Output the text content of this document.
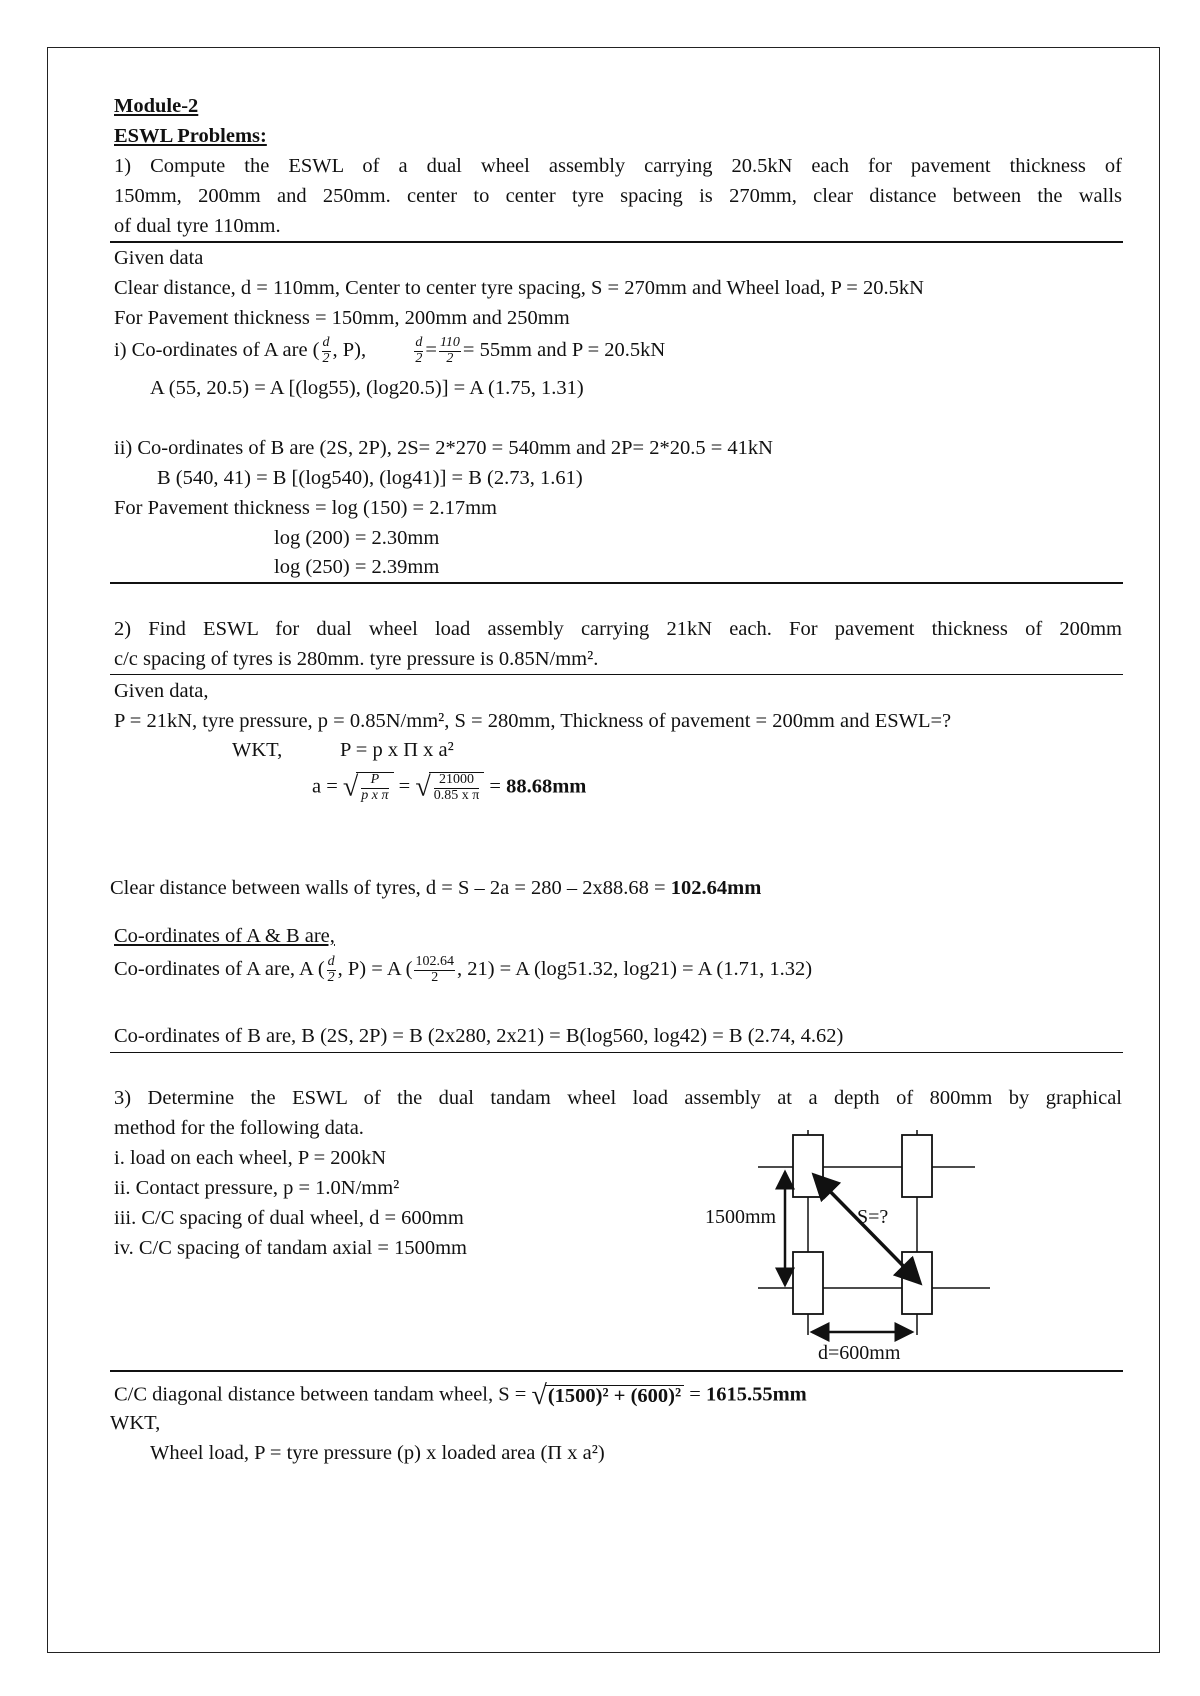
Module-2
ESWL Problems:
1) Compute the ESWL of a dual wheel assembly carrying 20.5kN each for pavement thickness of
150mm, 200mm and 250mm. center to center tyre spacing is 270mm, clear distance between the walls
of dual tyre 110mm.
Given data
Clear distance, d = 110mm, Center to center tyre spacing, S = 270mm and Wheel load, P = 20.5kN
For Pavement thickness = 150mm, 200mm and 250mm
i) Co-ordinates of A are ( $\frac{d}{2}$ , P),	$\frac{d}{2} = \frac{110}{2} = 55mm$ and P = 20.5kN
A (55, 20.5) = A [(log55), (log20.5)] = A (1.75, 1.31)
ii) Co-ordinates of B are (2S, 2P), 2S= 2*270 = 540mm and 2P= 2*20.5 = 41kN
B (540, 41) = B [(log540), (log41)] = B (2.73, 1.61)
For Pavement thickness = log (150) = 2.17mm
log (200) = 2.30mm
log (250) = 2.39mm
2) Find ESWL for dual wheel load assembly carrying 21kN each. For pavement thickness of 200mm
c/c spacing of tyres is 280mm. tyre pressure is 0.85N/mm².
Given data,
P = 21kN, tyre pressure, p = 0.85N/mm², S = 280mm, Thickness of pavement = 200mm and ESWL=?
WKT,	P = p x Π x a²
a = √ $\frac{P}{\text{p x π}}$ = √ $\frac{21000}{\text{0.85 x π}} = 88.68mm$
Clear distance between walls of tyres, d = S – 2a = 280 – 2x88.68 = 102.64mm
Co-ordinates of A & B are,
Co-ordinates of A are, A ( $\frac{d}{2}$ , P) = A ( $\frac{102.64}{2}$ , 21) = A (log51.32, log21) = A (1.71, 1.32)
Co-ordinates of B are, B (2S, 2P) = B (2x280, 2x21) = B(log560, log42) = B (2.74, 4.62)
3) Determine the ESWL of the dual tandam wheel load assembly at a depth of 800mm by graphical
method for the following data.
i. load on each wheel, P = 200kN
ii. Contact pressure, p = 1.0N/mm²
iii. C/C spacing of dual wheel, d = 600mm
iv. C/C spacing of tandam axial = 1500mm
1500mm	S=?
d=600mm
C/C diagonal distance between tandam wheel, S = √(1500)² + (600)² = 1615.55mm
WKT,
Wheel load, P = tyre pressure (p) x loaded area (Π x a²)
